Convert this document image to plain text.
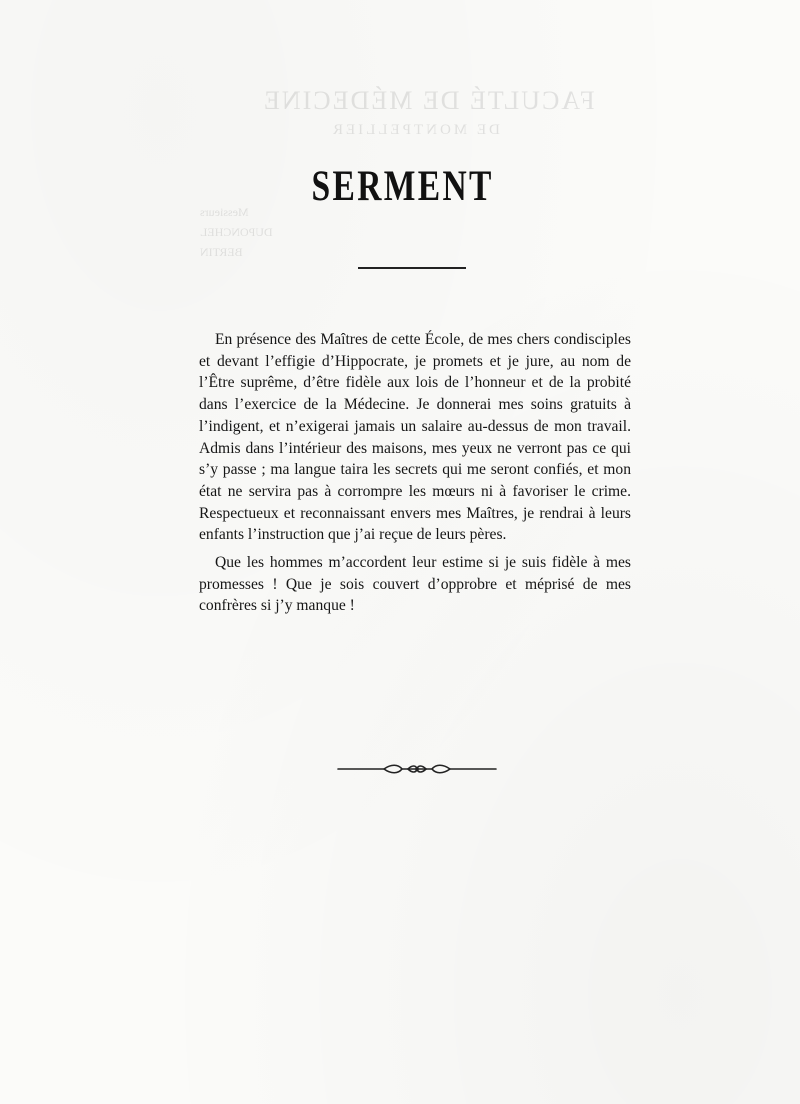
FACULTÉ DE MÉDECINE
DE MONTPELLIER
Messieurs
DUPONCHEL
BERTIN
SERMENT

En présence des Maîtres de cette École, de mes chers condisciples et devant l’effigie d’Hippocrate, je promets et je jure, au nom de l’Être suprême, d’être fidèle aux lois de l’honneur et de la probité dans l’exercice de la Médecine. Je donnerai mes soins gratuits à l’indigent, et n’exigerai jamais un salaire au-dessus de mon travail. Admis dans l’intérieur des maisons, mes yeux ne verront pas ce qui s’y passe ; ma langue taira les secrets qui me seront confiés, et mon état ne servira pas à corrompre les mœurs ni à favoriser le crime. Respectueux et reconnaissant envers mes Maîtres, je rendrai à leurs enfants l’instruction que j’ai reçue de leurs pères.

Que les hommes m’accordent leur estime si je suis fidèle à mes promesses ! Que je sois couvert d’opprobre et méprisé de mes confrères si j’y manque !
